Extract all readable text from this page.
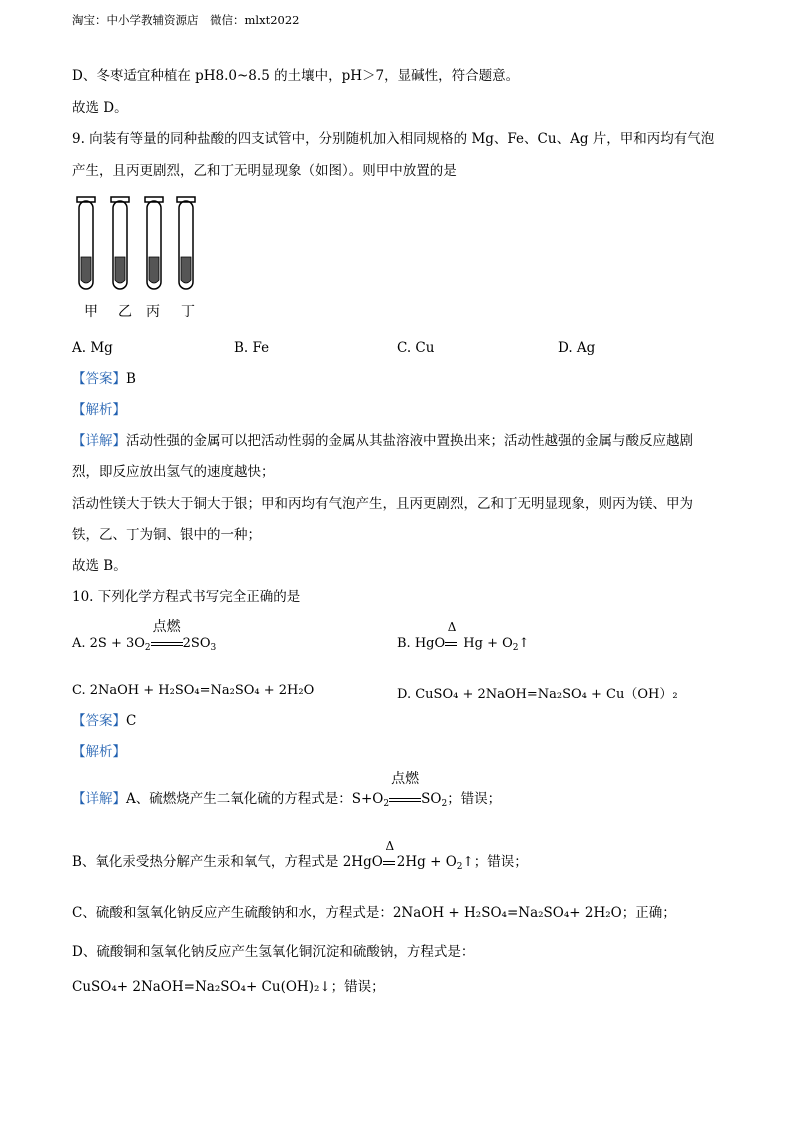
淘宝：中小学教辅资源店　微信：mlxt2022
D、冬枣适宜种植在 pH8.0~8.5 的土壤中，pH＞7，显碱性，符合题意。
故选 D。
9. 向装有等量的同种盐酸的四支试管中，分别随机加入相同规格的 Mg、Fe、Cu、Ag 片，甲和丙均有气泡
产生，且丙更剧烈，乙和丁无明显现象（如图）。则甲中放置的是
甲 乙 丙 丁
A. Mg	B. Fe	C. Cu	D. Ag
【答案】B
【解析】
【详解】活动性强的金属可以把活动性弱的金属从其盐溶液中置换出来；活动性越强的金属与酸反应越剧
烈，即反应放出氢气的速度越快；
活动性镁大于铁大于铜大于银；甲和丙均有气泡产生，且丙更剧烈，乙和丁无明显现象，则丙为镁、甲为
铁，乙、丁为铜、银中的一种；
故选 B。
10. 下列化学方程式书写完全正确的是
A. $2S + 3O_2$
点燃
$2SO_3$	B. HgO
Δ
$Hg + O_2↑$
C. 2NaOH + H₂SO₄=Na₂SO₄ + 2H₂O	D. CuSO₄ + 2NaOH=Na₂SO₄ + Cu（OH）₂
【答案】C
【解析】
【详解】A、硫燃烧产生二氧化硫的方程式是：$S+O_2$
点燃
$SO_2$；错误；
B、氧化汞受热分解产生汞和氧气，方程式是 2HgO
Δ
$2Hg + O_2↑$；错误；
C、硫酸和氢氧化钠反应产生硫酸钠和水，方程式是：2NaOH + H₂SO₄=Na₂SO₄+ 2H₂O；正确；
D、硫酸铜和氢氧化钠反应产生氢氧化铜沉淀和硫酸钠，方程式是：
CuSO₄+ 2NaOH=Na₂SO₄+ Cu(OH)₂↓；错误；
